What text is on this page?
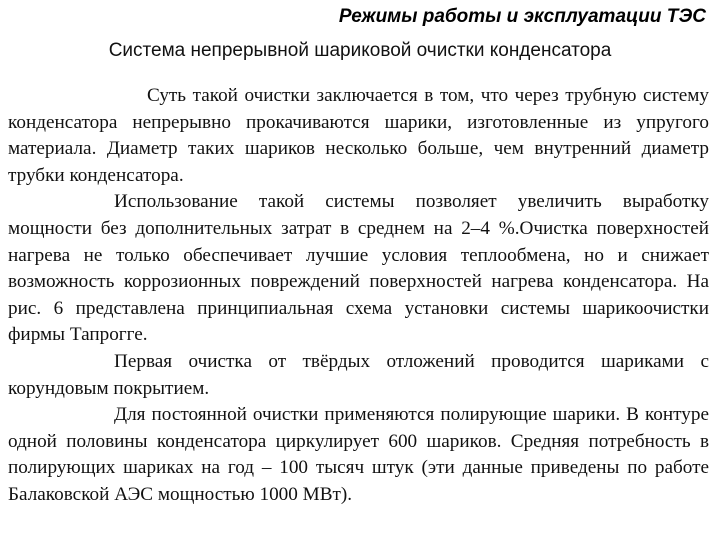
Режимы работы и эксплуатации ТЭС
Система непрерывной шариковой очистки конденсатора

Суть такой очистки заключается в том, что через трубную систему конденсатора непрерывно прокачиваются шарики, изготовленные из упругого материала. Диаметр таких шариков несколько больше, чем внутренний диаметр трубки конденсатора.

Использование такой системы позволяет увеличить выработку мощности без дополнительных затрат в среднем на 2–4 %.Очистка поверхностей нагрева не только обеспечивает лучшие условия теплообмена, но и снижает возможность коррозионных повреждений поверхностей нагрева конденсатора. На рис. 6 представлена принципиальная схема установки системы шарикоочистки фирмы Тапрогге.

Первая очистка от твёрдых отложений проводится шариками с корундовым покрытием.

Для постоянной очистки применяются полирующие шарики. В контуре одной половины конденсатора циркулирует 600 шариков. Средняя потребность в полирующих шариках на год – 100 тысяч штук (эти данные приведены по работе Балаковской АЭС мощностью 1000 МВт).
